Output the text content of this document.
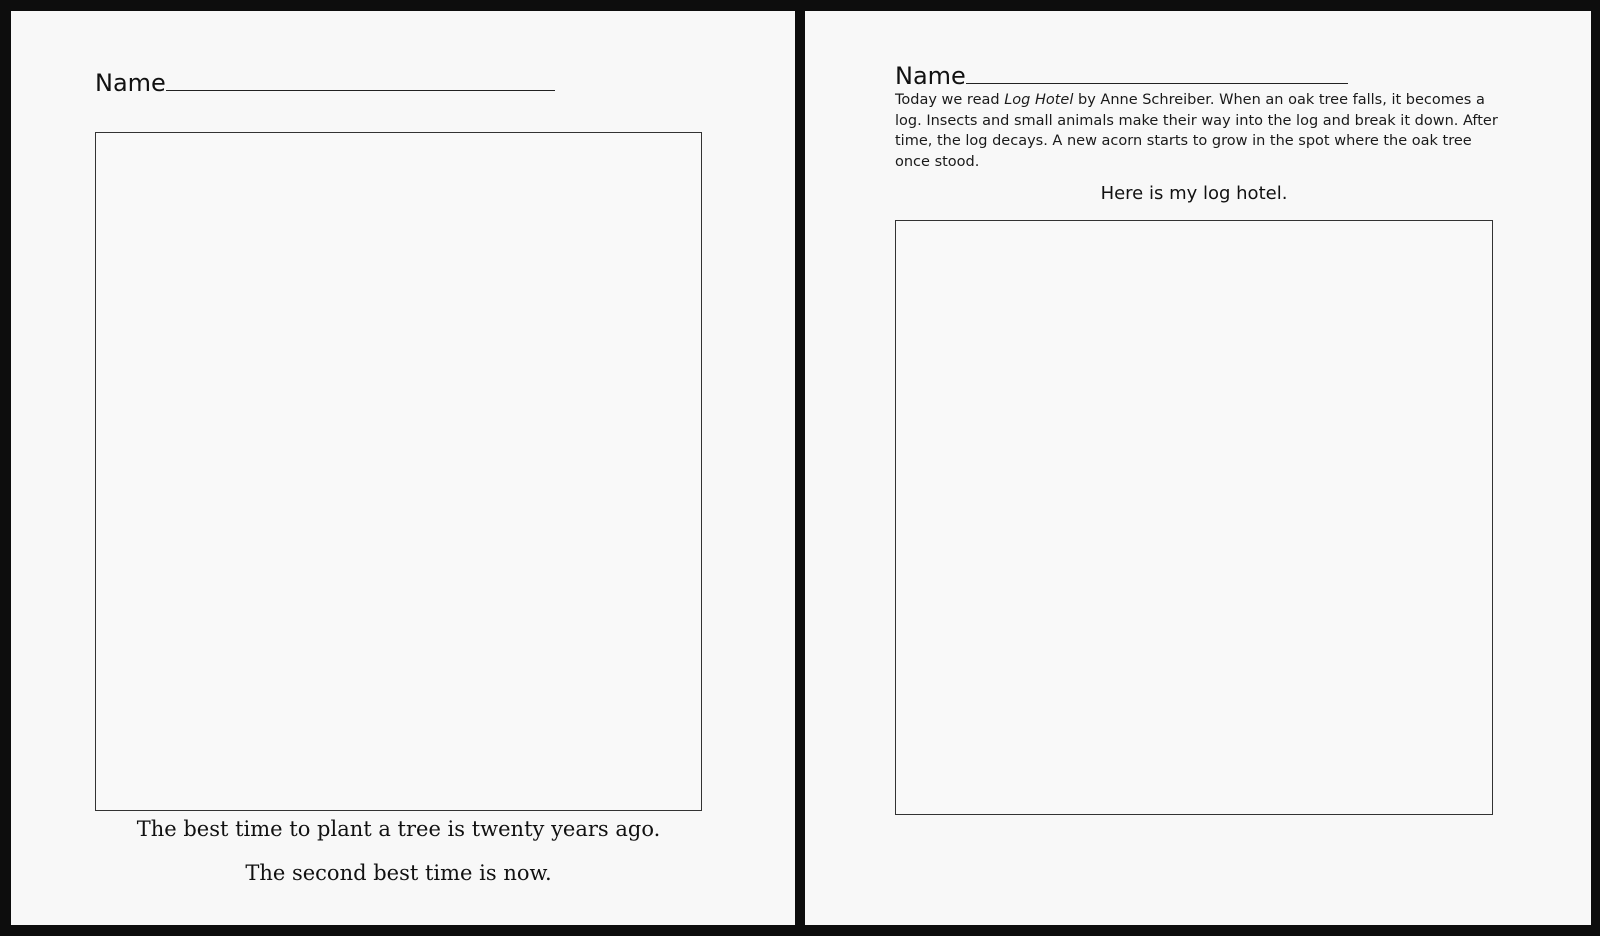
Name
The best time to plant a tree is twenty years ago.
The second best time is now.
Name
Today we read Log Hotel by Anne Schreiber. When an oak tree falls, it becomes a log. Insects and small animals make their way into the log and break it down. After time, the log decays. A new acorn starts to grow in the spot where the oak tree once stood.
Here is my log hotel.
